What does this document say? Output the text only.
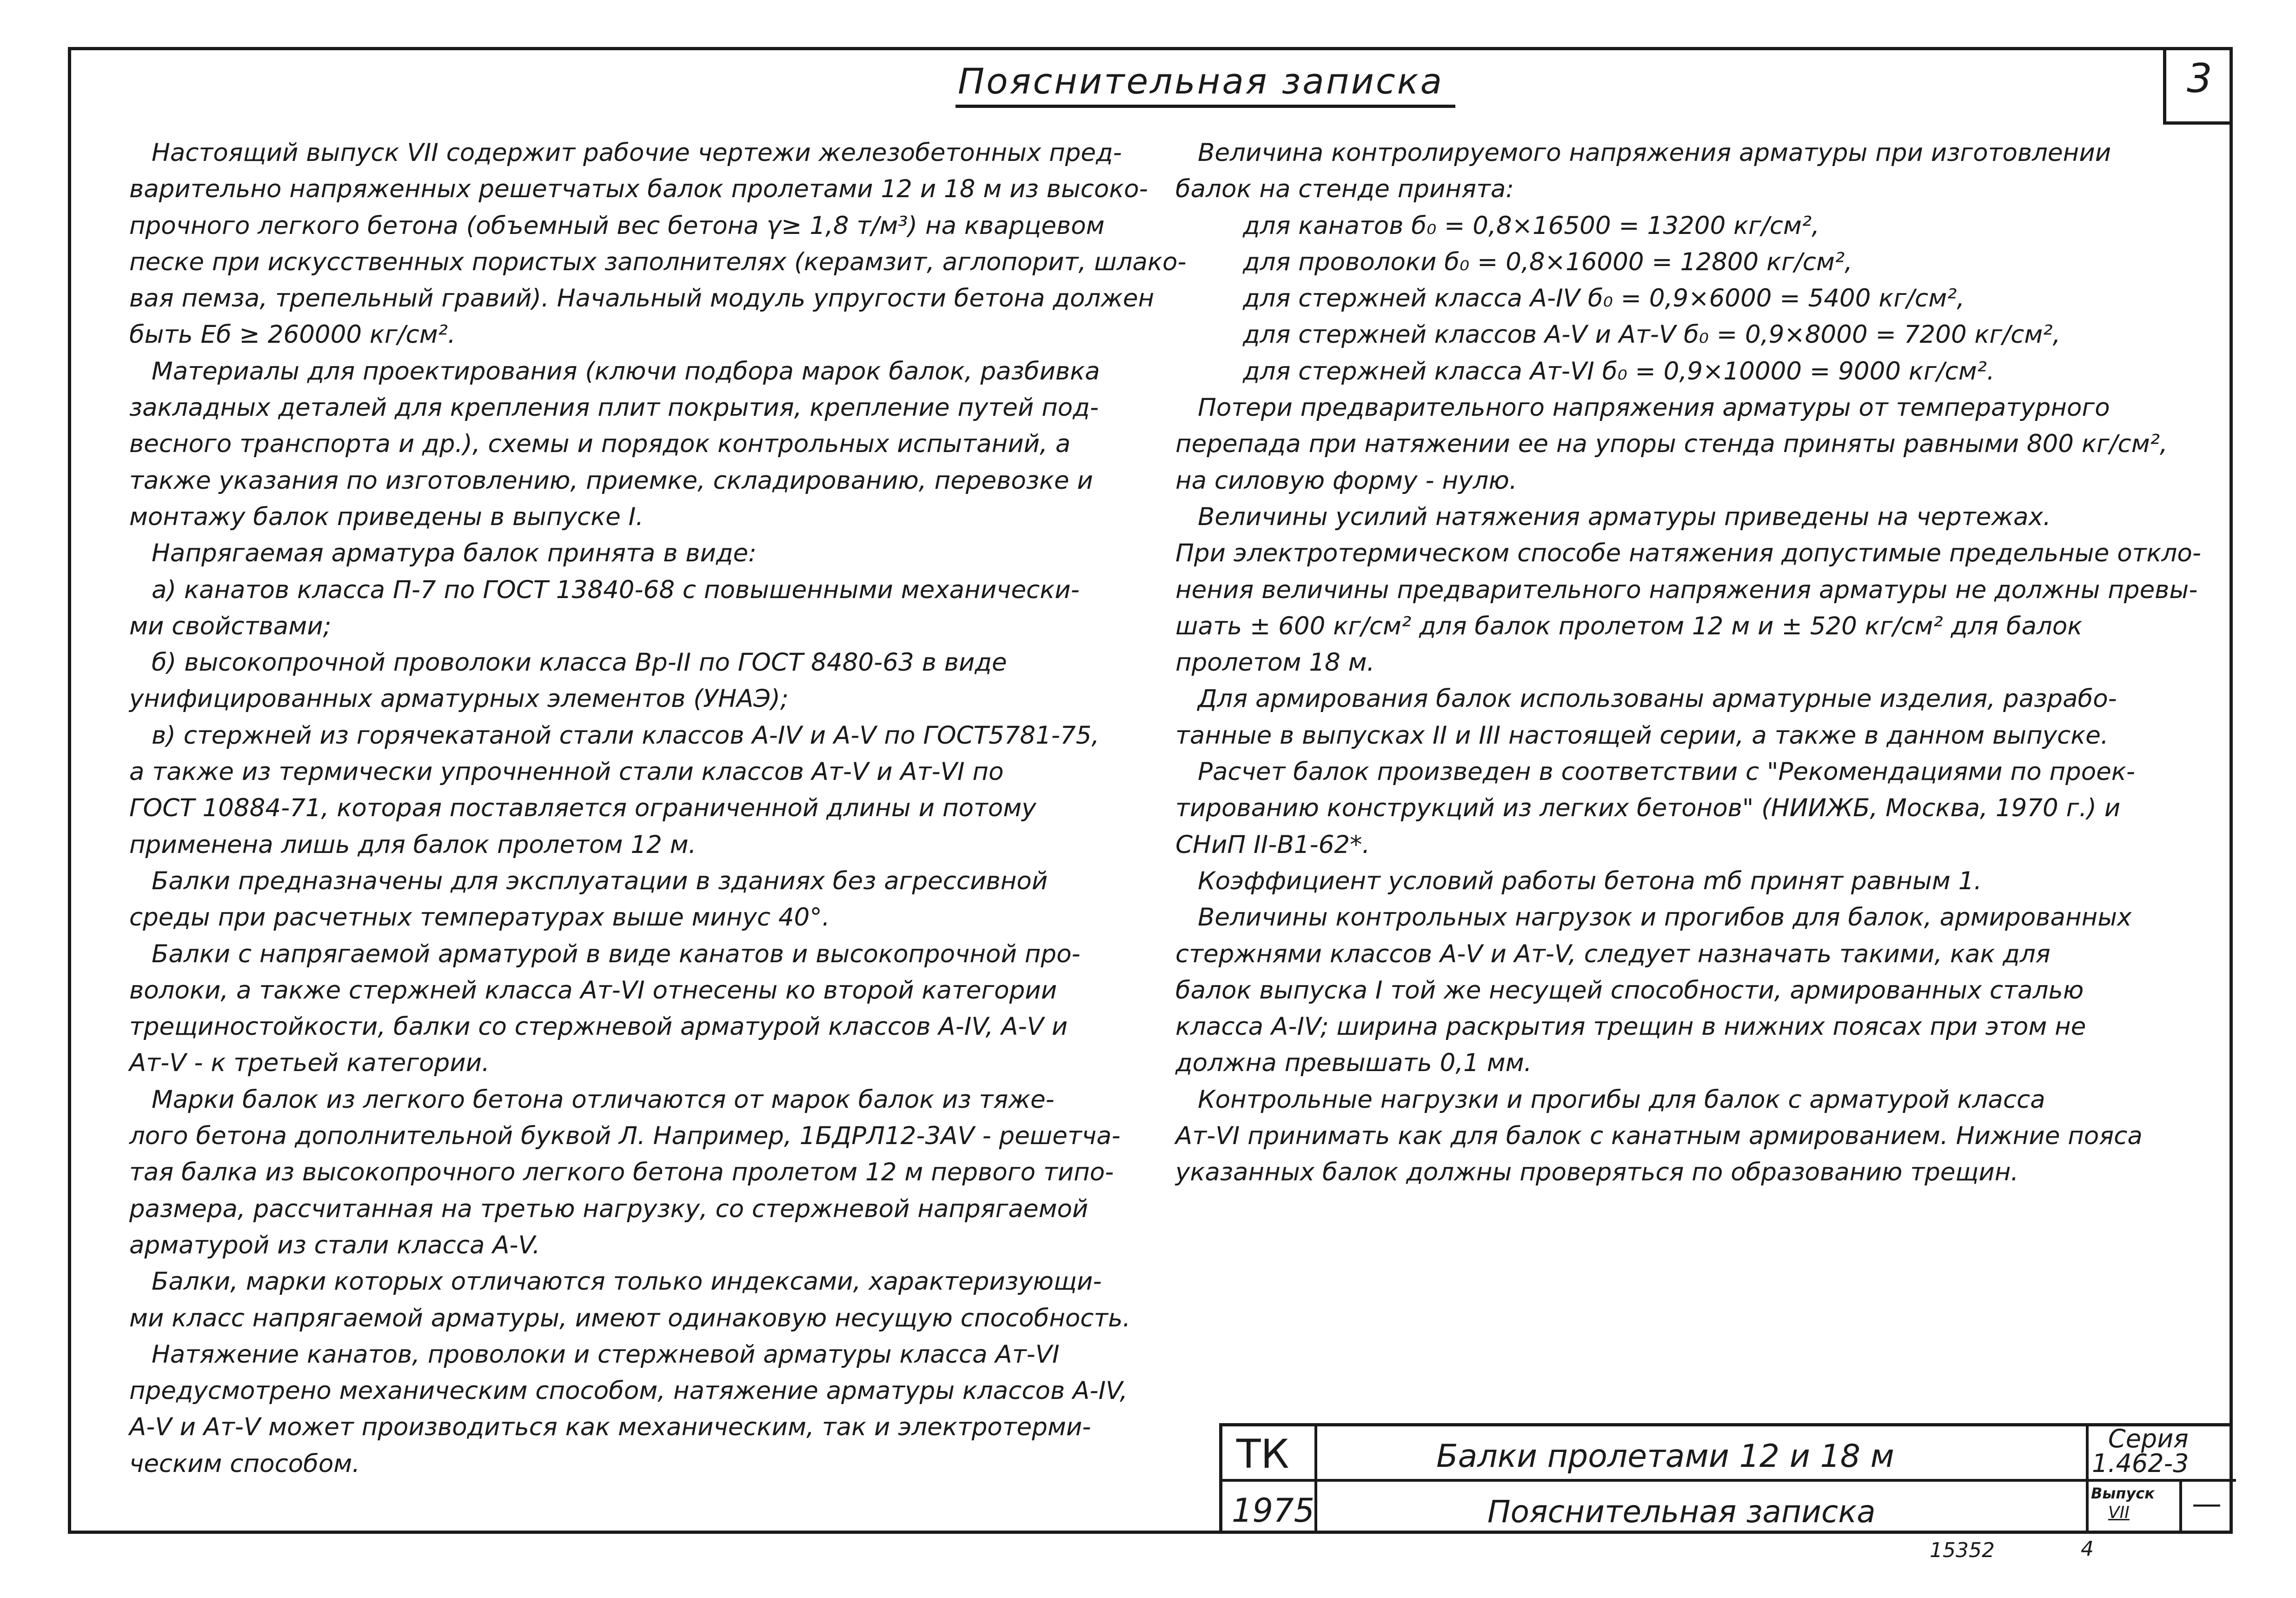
Пояснительная записка	3

Настоящий выпуск VII содержит рабочие чертежи железобетонных пред-

варительно напряженных решетчатых балок пролетами 12 и 18 м из высоко-

прочного легкого бетона (объемный вес бетона γ≥ 1,8 т/м³) на кварцевом

песке при искусственных пористых заполнителях (керамзит, аглопорит, шлако-

вая пемза, трепельный гравий). Начальный модуль упругости бетона должен

быть Еб ≥ 260000 кг/см².

Материалы для проектирования (ключи подбора марок балок, разбивка

закладных деталей для крепления плит покрытия, крепление путей под-

весного транспорта и др.), схемы и порядок контрольных испытаний, а

также указания по изготовлению, приемке, складированию, перевозке и

монтажу балок приведены в выпуске I.

Напрягаемая арматура балок принята в виде:

а) канатов класса П-7 по ГОСТ 13840-68 с повышенными механически-

ми свойствами;

б) высокопрочной проволоки класса Вр-II по ГОСТ 8480-63 в виде

унифицированных арматурных элементов (УНАЭ);

в) стержней из горячекатаной стали классов А-IV и А-V по ГОСТ5781-75,

а также из термически упрочненной стали классов Ат-V и Ат-VI по

ГОСТ 10884-71, которая поставляется ограниченной длины и потому

применена лишь для балок пролетом 12 м.

Балки предназначены для эксплуатации в зданиях без агрессивной

среды при расчетных температурах выше минус 40°.

Балки с напрягаемой арматурой в виде канатов и высокопрочной про-

волоки, а также стержней класса Ат-VI отнесены ко второй категории

трещиностойкости, балки со стержневой арматурой классов А-IV, А-V и

Ат-V - к третьей категории.

Марки балок из легкого бетона отличаются от марок балок из тяже-

лого бетона дополнительной буквой Л. Например, 1БДРЛ12-3АV - решетча-

тая балка из высокопрочного легкого бетона пролетом 12 м первого типо-

размера, рассчитанная на третью нагрузку, со стержневой напрягаемой

арматурой из стали класса А-V.

Балки, марки которых отличаются только индексами, характеризующи-

ми класс напрягаемой арматуры, имеют одинаковую несущую способность.

Натяжение канатов, проволоки и стержневой арматуры класса Ат-VI

предусмотрено механическим способом, натяжение арматуры классов А-IV,

А-V и Ат-V может производиться как механическим, так и электротерми-

ческим способом.

Величина контролируемого напряжения арматуры при изготовлении

балок на стенде принята:

для канатов б₀ = 0,8×16500 = 13200 кг/см²,

для проволоки б₀ = 0,8×16000 = 12800 кг/см²,

для стержней класса А-IV б₀ = 0,9×6000 = 5400 кг/см²,

для стержней классов А-V и Ат-V б₀ = 0,9×8000 = 7200 кг/см²,

для стержней класса Ат-VI б₀ = 0,9×10000 = 9000 кг/см².

Потери предварительного напряжения арматуры от температурного

перепада при натяжении ее на упоры стенда приняты равными 800 кг/см²,

на силовую форму - нулю.

Величины усилий натяжения арматуры приведены на чертежах.

При электротермическом способе натяжения допустимые предельные откло-

нения величины предварительного напряжения арматуры не должны превы-

шать ± 600 кг/см² для балок пролетом 12 м и ± 520 кг/см² для балок

пролетом 18 м.

Для армирования балок использованы арматурные изделия, разрабо-

танные в выпусках II и III настоящей серии, а также в данном выпуске.

Расчет балок произведен в соответствии с "Рекомендациями по проек-

тированию конструкций из легких бетонов" (НИИЖБ, Москва, 1970 г.) и

СНиП II-В1-62*.

Коэффициент условий работы бетона mб принят равным 1.

Величины контрольных нагрузок и прогибов для балок, армированных

стержнями классов А-V и Ат-V, следует назначать такими, как для

балок выпуска I той же несущей способности, армированных сталью

класса А-IV; ширина раскрытия трещин в нижних поясах при этом не

должна превышать 0,1 мм.

Контрольные нагрузки и прогибы для балок с арматурой класса

Ат-VI принимать как для балок с канатным армированием. Нижние пояса

указанных балок должны проверяться по образованию трещин.

ТК
1975
Балки пролетами 12 и 18 м
Пояснительная записка
Серия
1.462-3
Выпуск
VII —
15352	4
